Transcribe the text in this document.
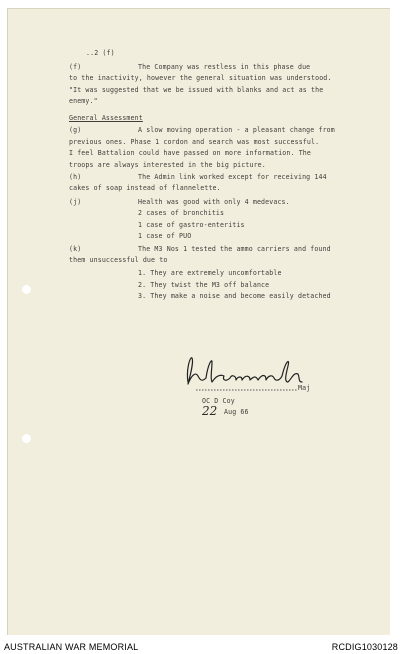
..2 (f)
(f)	The Company was restless in this phase due
to the inactivity, however the general situation was understood.
"It was suggested that we be issued with blanks and act as the
enemy."
General Assessment
(g)	A slow moving operation - a pleasant change from
previous ones. Phase 1 cordon and search was most successful.
I feel Battalion could have passed on more information. The
troops are always interested in the big picture.
(h)	The Admin link worked except for receiving 144
cakes of soap instead of flannelette.
(j)	Health was good with only 4 medevacs.
2 cases of bronchitis
1 case of gastro-enteritis
1 case of PUO
(k)	The M3 Nos 1 tested the ammo carriers and found
them unsuccessful due to
1. They are extremely uncomfortable
2. They twist the M3 off balance
3. They make a noise and become easily detached
Maj
OC D Coy
22 Aug 66
AUSTRALIAN WAR MEMORIAL	RCDIG1030128
